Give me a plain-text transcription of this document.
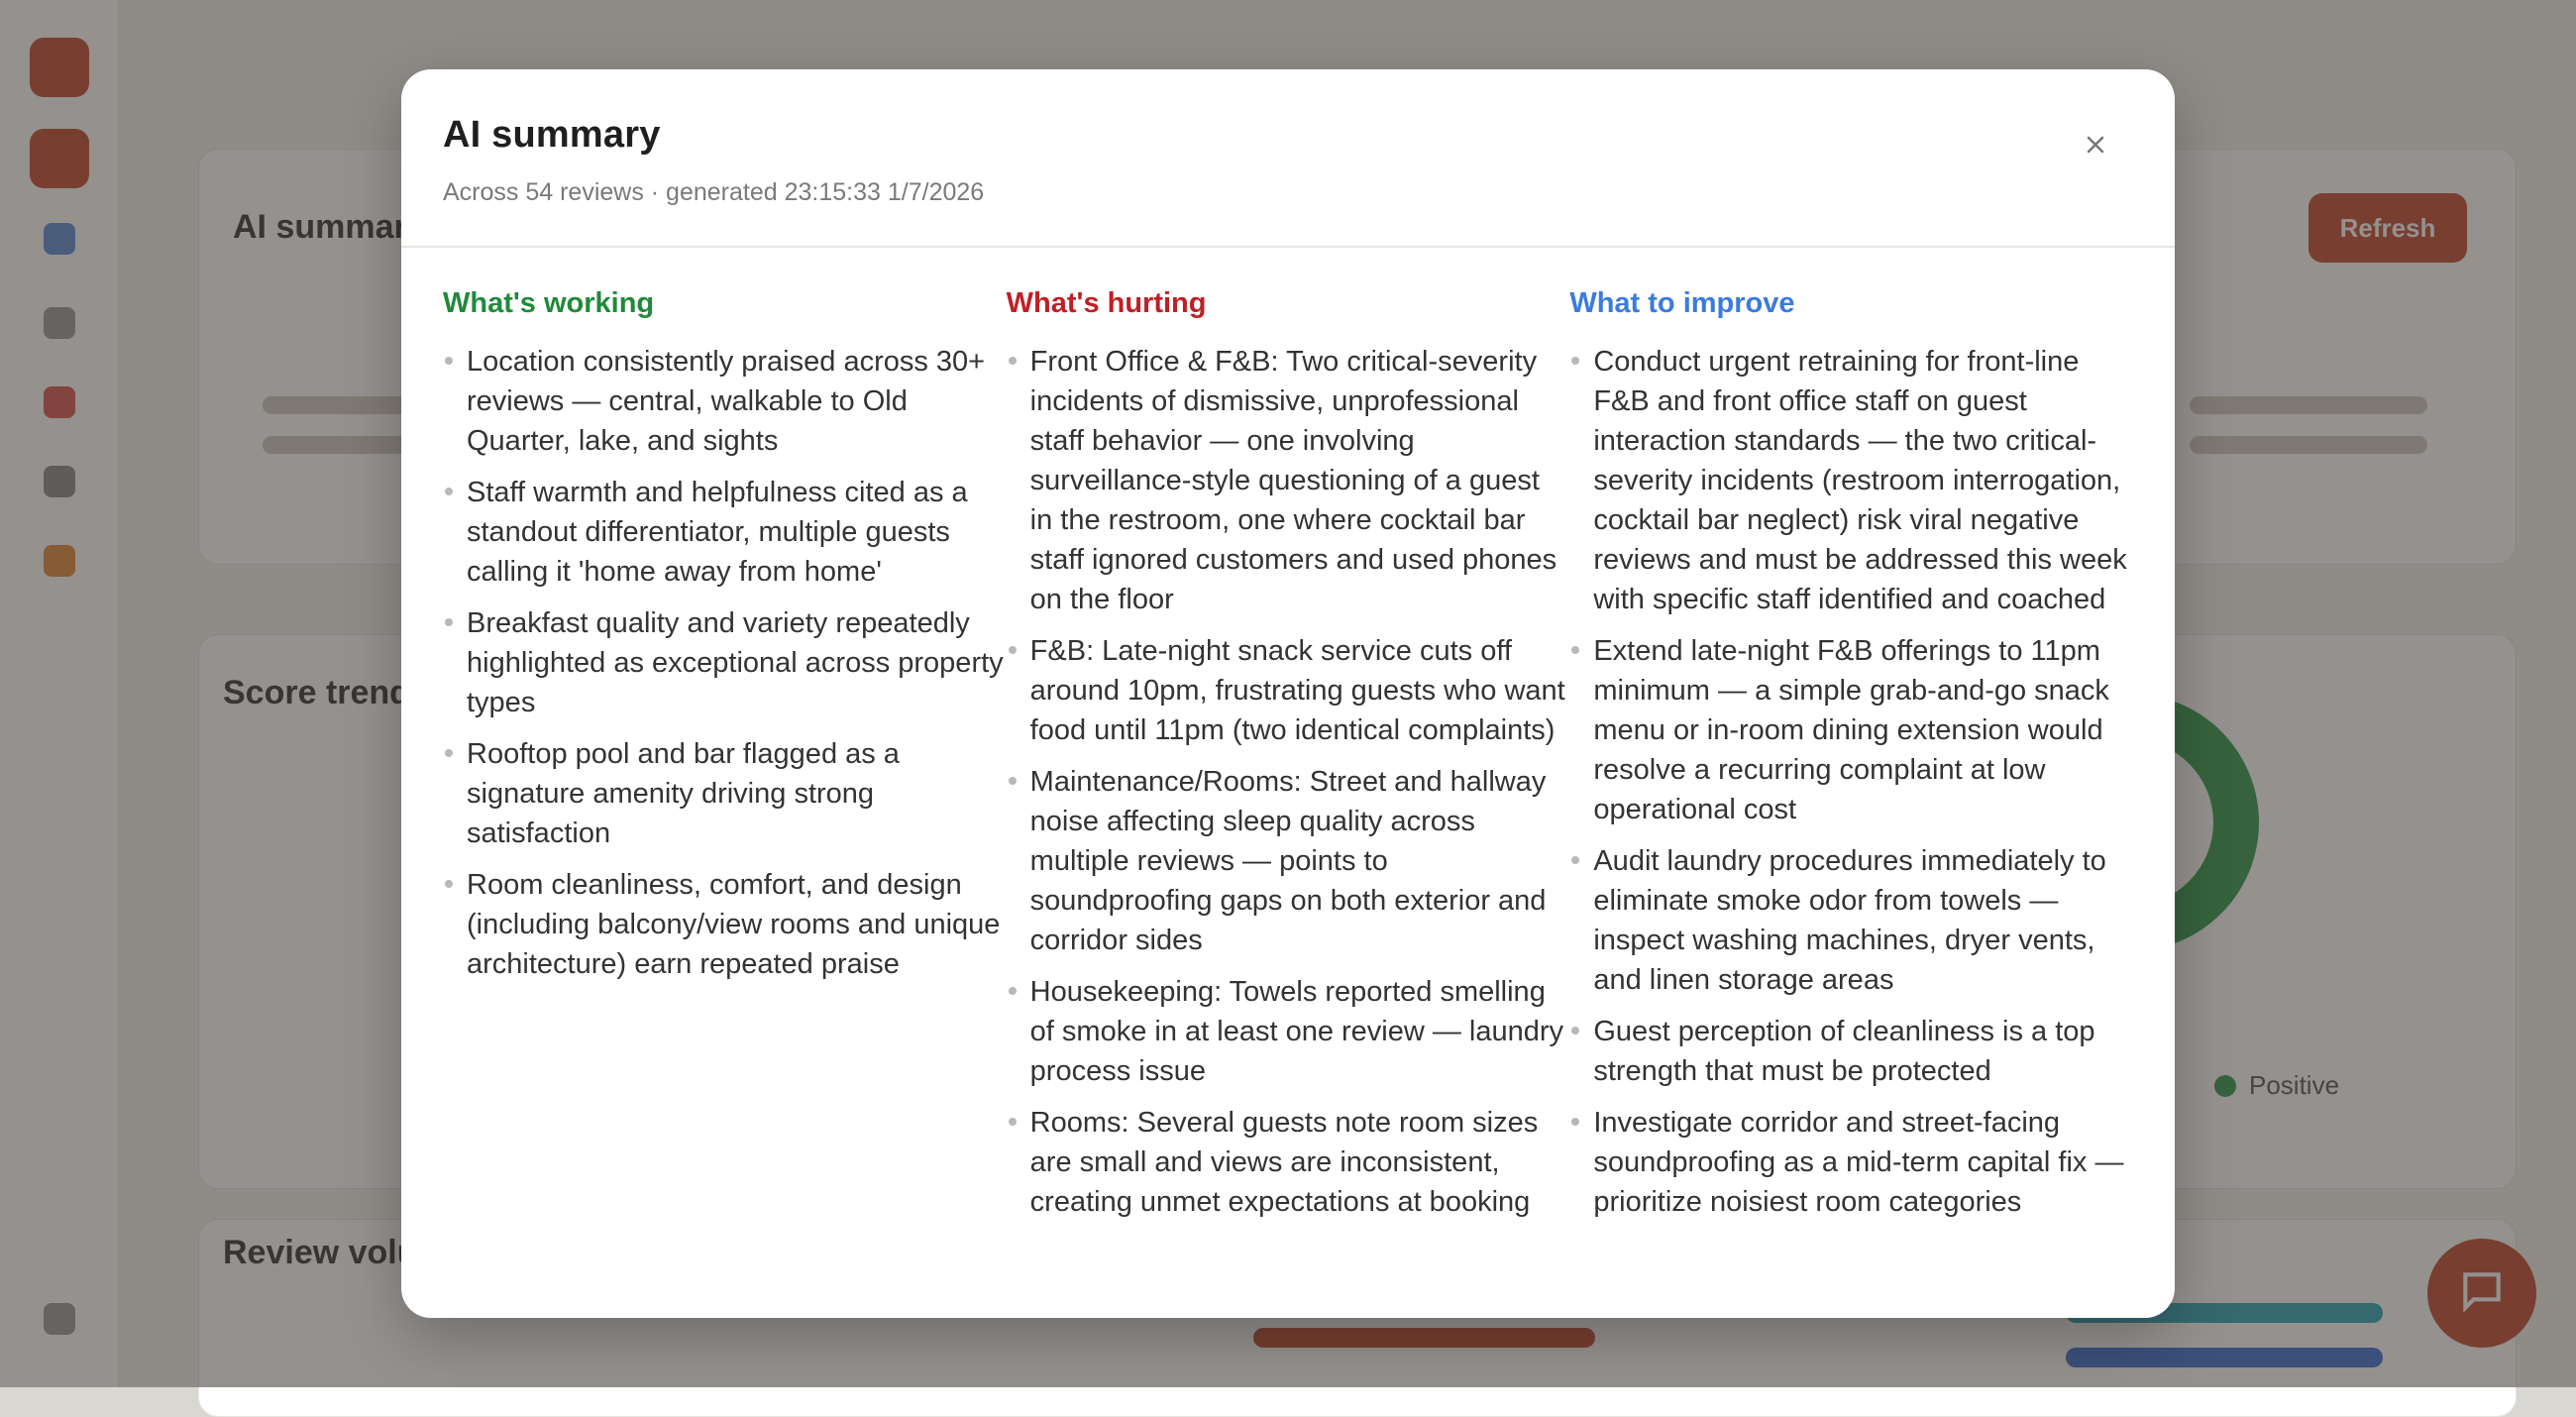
AI summary
Across 54 reviews · generated 23:15:33 1/7/2026
What's working
Location consistently praised across 30+ reviews — central, walkable to Old Quarter, lake, and sights
Staff warmth and helpfulness cited as a standout differentiator, multiple guests calling it 'home away from home'
Breakfast quality and variety repeatedly highlighted as exceptional across property types
Rooftop pool and bar flagged as a signature amenity driving strong satisfaction
Room cleanliness, comfort, and design (including balcony/view rooms and unique architecture) earn repeated praise
What's hurting
Front Office & F&B: Two critical-severity incidents of dismissive, unprofessional staff behavior — one involving surveillance-style questioning of a guest in the restroom, one where cocktail bar staff ignored customers and used phones on the floor
F&B: Late-night snack service cuts off around 10pm, frustrating guests who want food until 11pm (two identical complaints)
Maintenance/Rooms: Street and hallway noise affecting sleep quality across multiple reviews — points to soundproofing gaps on both exterior and corridor sides
Housekeeping: Towels reported smelling of smoke in at least one review — laundry process issue
Rooms: Several guests note room sizes are small and views are inconsistent, creating unmet expectations at booking
What to improve
Conduct urgent retraining for front-line F&B and front office staff on guest interaction standards — the two critical-severity incidents (restroom interrogation, cocktail bar neglect) risk viral negative reviews and must be addressed this week with specific staff identified and coached
Extend late-night F&B offerings to 11pm minimum — a simple grab-and-go snack menu or in-room dining extension would resolve a recurring complaint at low operational cost
Audit laundry procedures immediately to eliminate smoke odor from towels — inspect washing machines, dryer vents, and linen storage areas
Guest perception of cleanliness is a top strength that must be protected
Investigate corridor and street-facing soundproofing as a mid-term capital fix — prioritize noisiest room categories
